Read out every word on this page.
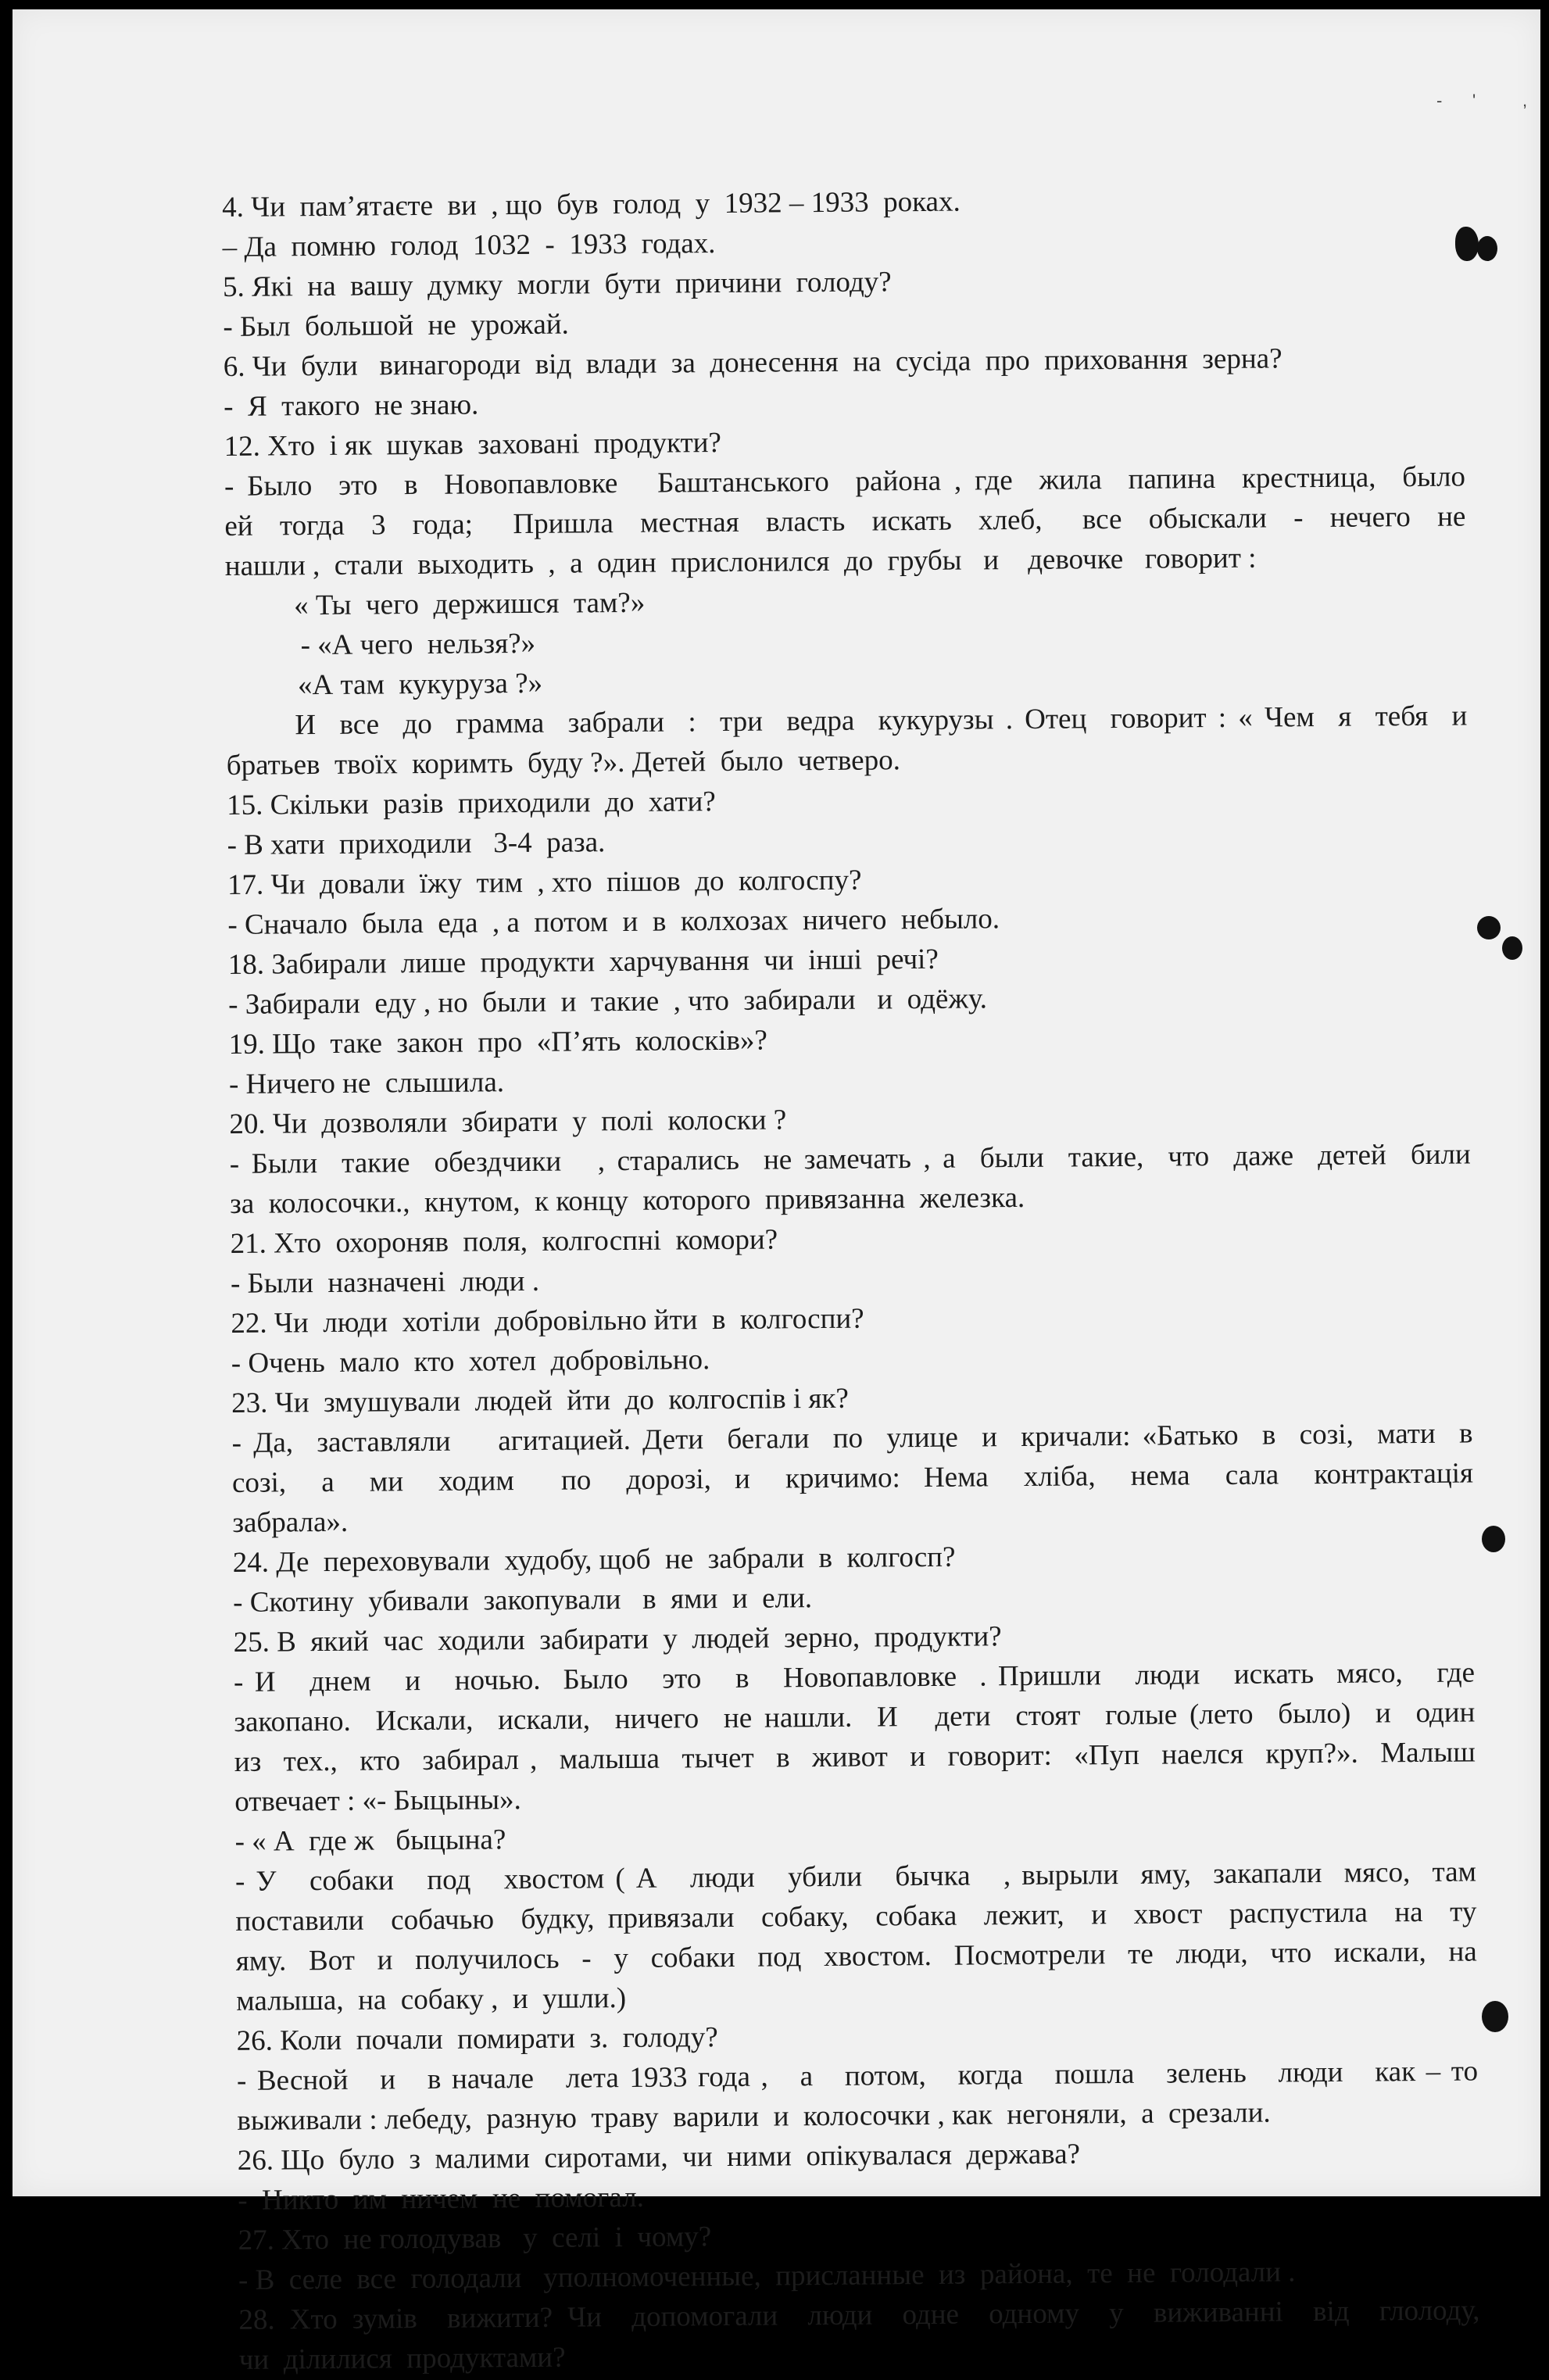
- '	,
4. Чи  пам’ятаєте  ви  , що  був  голод  у  1932 – 1933  роках.
– Да  помню  голод  1032  -  1933  годах.
5. Які  на  вашу  думку  могли  бути  причини  голоду?
- Был  большой  не  урожай.
6. Чи  були   винагороди  від  влади  за  донесення  на  сусіда  про  приховання  зерна?
-  Я  такого  не знаю.
12. Хто  і як  шукав  заховані  продукти?
- Было  это  в  Новопавловке   Баштанського  района , где  жила  папина  крестница,  было
ей  тогда  3  года;   Пришла  местная  власть  искать  хлеб,   все  обыскали  -  нечего  не
нашли ,  стали  выходить  ,  а  один  прислонился  до  грубы   и    девочке   говорит :
« Ты  чего  держишся  там?»
- «А чего  нельзя?»
«А там  кукуруза ?»
И  все  до  грамма  забрали  :  три  ведра  кукурузы . Отец  говорит : « Чем  я  тебя  и
братьев  твоїх  коримть  буду ?». Детей  было  четверо.
15. Скільки  разів  приходили  до  хати?
- В хати  приходили   3-4  раза.
17. Чи  довали  їжу  тим  , хто  пішов  до  колгоспу?
- Сначало  была  еда  , а  потом  и  в  колхозах  ничего  небыло.
18. Забирали  лише  продукти  харчування  чи  інші  речі?
- Забирали  еду , но  были  и  такие  , что  забирали   и  одёжу.
19. Що  таке  закон  про  «П’ять  колосків»?
- Ничего не  слышила.
20. Чи  дозволяли  збирати  у  полі  колоски ?
- Были  такие  обездчики   , старались  не замечать , а  были  такие,  что  даже  детей  били
за  колосочки.,  кнутом,  к концу  которого  привязанна  железка.
21. Хто  охороняв  поля,  колгоспні  комори?
- Были  назначені  люди .
22. Чи  люди  хотіли  добровільно йти  в  колгоспи?
- Очень  мало  кто  хотел  добровільно.
23. Чи  змушували  людей  йти  до  колгоспів і як?
- Да,  заставляли    агитацией. Дети  бегали  по  улице  и  кричали: «Батько  в  созі,  мати  в
созі,   а   ми   ходим    по   дорозі,  и   кричимо:  Нема   хліба,   нема   сала   контрактація
забрала».
24. Де  переховували  худобу, щоб  не  забрали  в  колгосп?
- Скотину  убивали  закопували   в  ями  и  ели.
25. В  який  час  ходили  забирати  у  людей  зерно,  продукти?
- И   днем   и   ночью.  Было   это   в   Новопавловке  . Пришли   люди   искать  мясо,   где
закопано.  Искали,  искали,  ничего  не нашли.  И   дети  стоят  голые (лето  было)  и  один
из  тех.,  кто  забирал ,  малыша  тычет  в  живот  и  говорит:  «Пуп  наелся  круп?».  Малыш
отвечает : «- Быцыны».
- « А  где ж   быцына?
- У   собаки   под   хвостом ( А   люди   убили   бычка   , вырыли  яму,  закапали  мясо,  там
поставили  собачью  будку, привязали  собаку,  собака  лежит,  и  хвост  распустила  на  ту
яму.  Вот  и  получилось  -  у  собаки  под  хвостом.  Посмотрели  те  люди,  что  искали,  на
малыша,  на  собаку ,  и  ушли.)
26. Коли  почали  помирати  з.  голоду?
- Весной   и   в начале   лета 1933 года ,   а   потом,   когда   пошла   зелень   люди   как – то
выживали : лебеду,  разную  траву  варили  и  колосочки , как  негоняли,  а  срезали.
26. Що  було  з  малими  сиротами,  чи  ними  опікувалася  держава?
-  Никто  им  ничем  не  помогал.
27. Хто  не голодував   у  селі  і  чому?
- В  селе  все  голодали   уполномоченные,  присланные  из  района,  те  не  голодали .
28. Хто зумів  вижити? Чи  допомогали  люди  одне  одному  у  виживанні  від  глолоду,
чи  ділилися  продуктами?
